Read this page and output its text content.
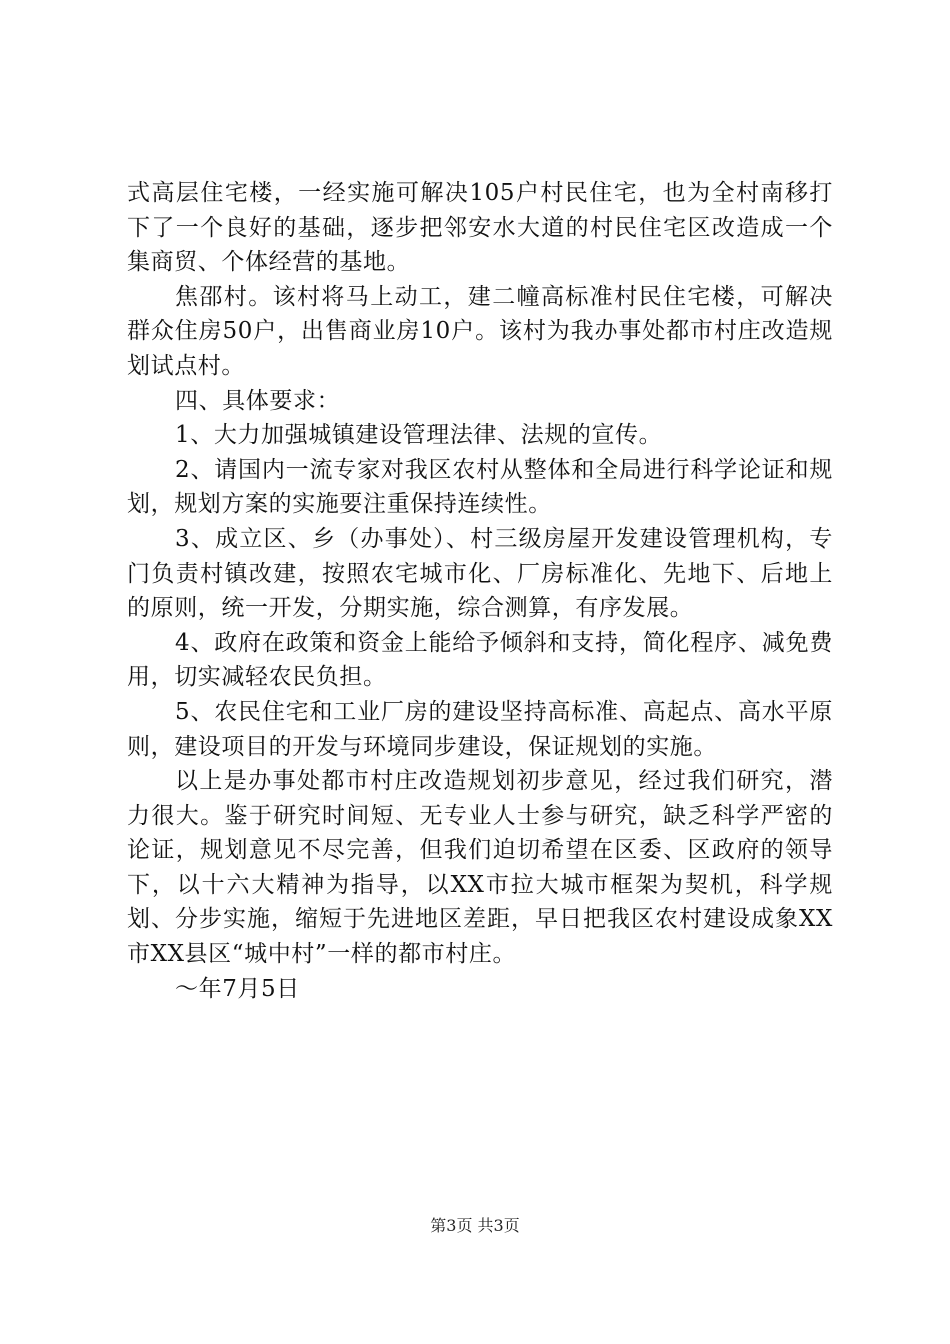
式高层住宅楼，一经实施可解决105户村民住宅，也为全村南移打下了一个良好的基础，逐步把邻安水大道的村民住宅区改造成一个集商贸、个体经营的基地。

焦邵村。该村将马上动工，建二幢高标准村民住宅楼，可解决群众住房50户，出售商业房10户。该村为我办事处都市村庄改造规划试点村。

四、具体要求：

1、大力加强城镇建设管理法律、法规的宣传。

2、请国内一流专家对我区农村从整体和全局进行科学论证和规划，规划方案的实施要注重保持连续性。

3、成立区、乡（办事处）、村三级房屋开发建设管理机构，专门负责村镇改建，按照农宅城市化、厂房标准化、先地下、后地上的原则，统一开发，分期实施，综合测算，有序发展。

4、政府在政策和资金上能给予倾斜和支持，简化程序、减免费用，切实减轻农民负担。

5、农民住宅和工业厂房的建设坚持高标准、高起点、高水平原则，建设项目的开发与环境同步建设，保证规划的实施。

以上是办事处都市村庄改造规划初步意见，经过我们研究，潜力很大。鉴于研究时间短、无专业人士参与研究，缺乏科学严密的论证，规划意见不尽完善，但我们迫切希望在区委、区政府的领导下，以十六大精神为指导，以XX市拉大城市框架为契机，科学规划、分步实施，缩短于先进地区差距，早日把我区农村建设成象XX市XX县区“城中村”一样的都市村庄。

～年7月5日

第3页 共3页
